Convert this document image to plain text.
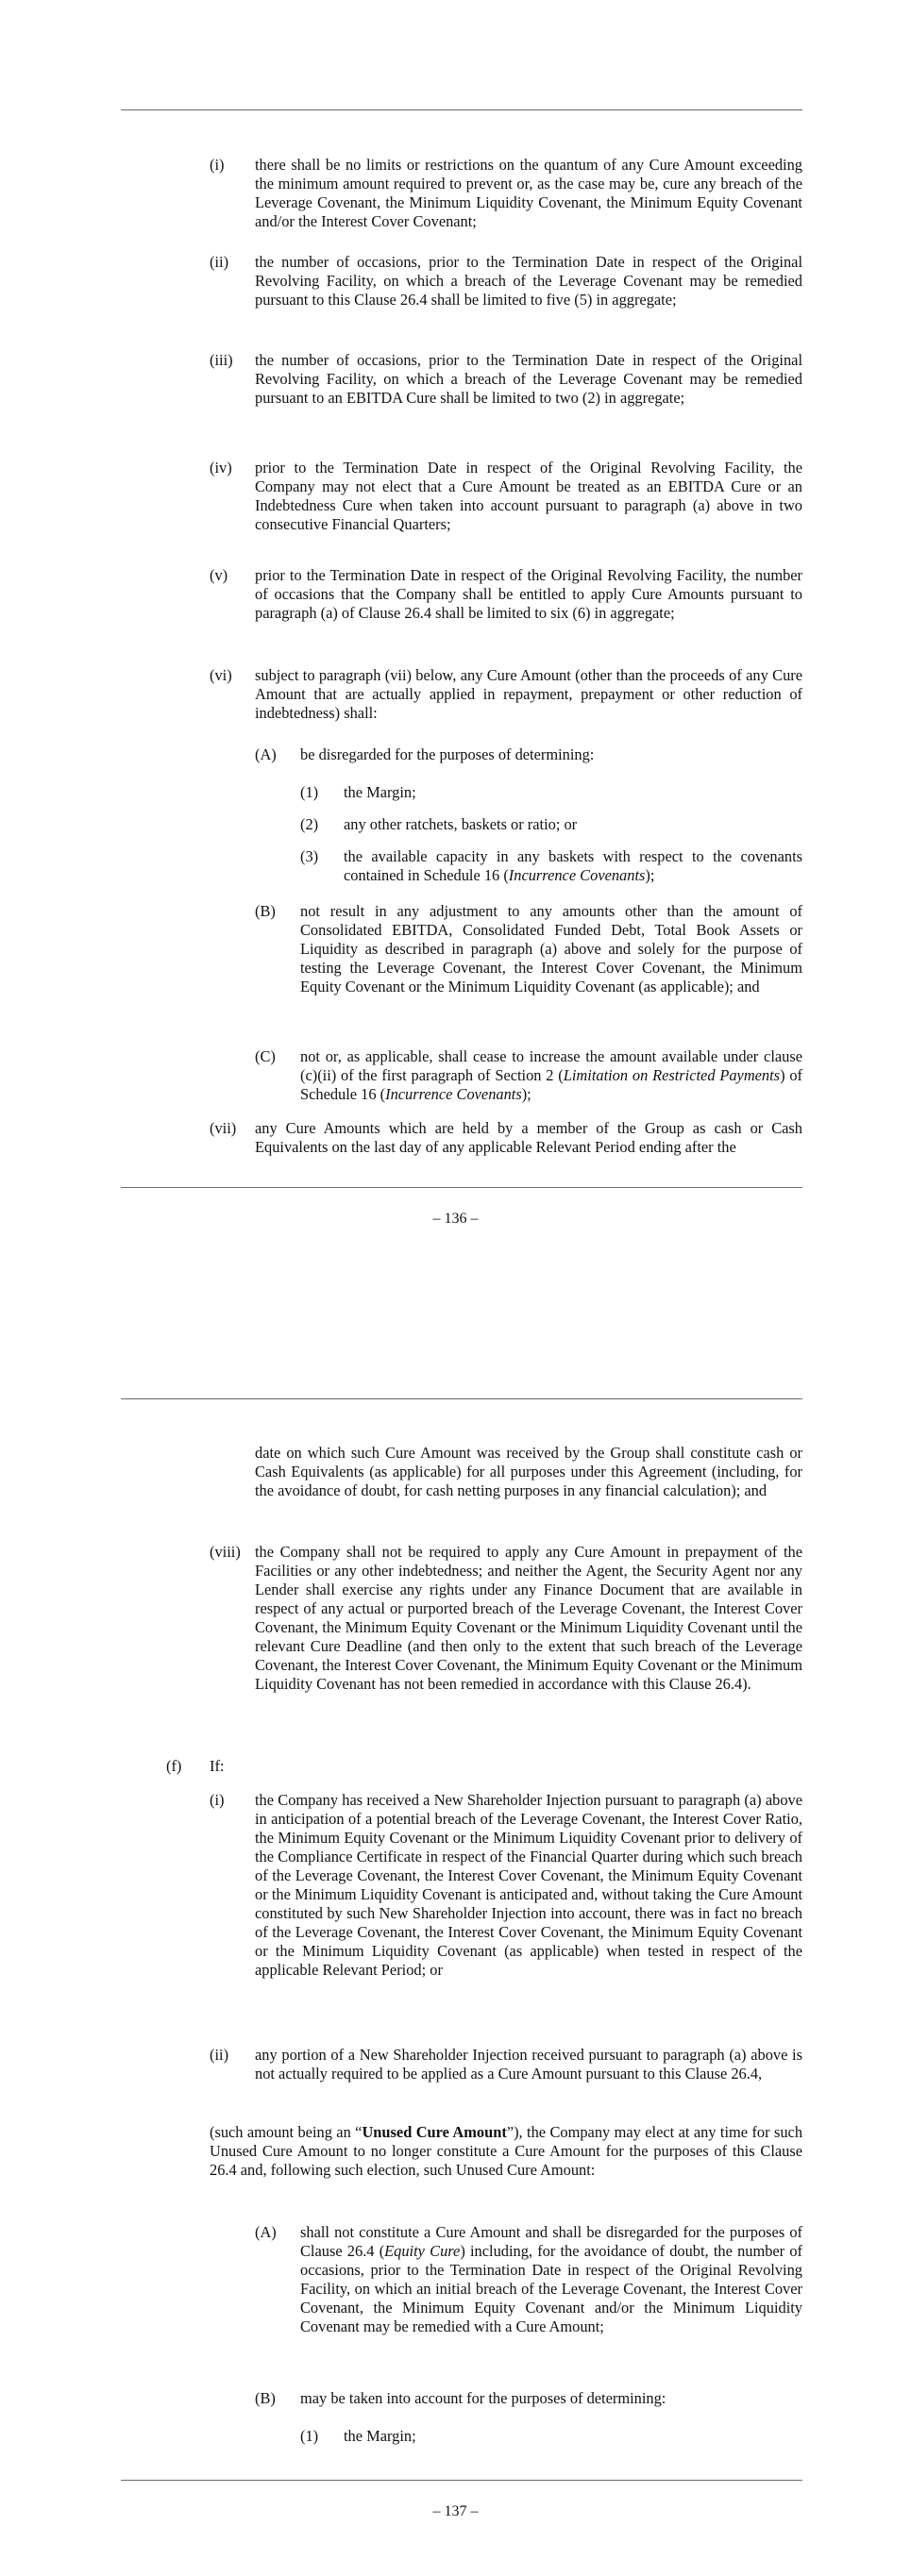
(i) there shall be no limits or restrictions on the quantum of any Cure Amount exceeding the minimum amount required to prevent or, as the case may be, cure any breach of the Leverage Covenant, the Minimum Liquidity Covenant, the Minimum Equity Covenant and/or the Interest Cover Covenant;
(ii) the number of occasions, prior to the Termination Date in respect of the Original Revolving Facility, on which a breach of the Leverage Covenant may be remedied pursuant to this Clause 26.4 shall be limited to five (5) in aggregate;
(iii) the number of occasions, prior to the Termination Date in respect of the Original Revolving Facility, on which a breach of the Leverage Covenant may be remedied pursuant to an EBITDA Cure shall be limited to two (2) in aggregate;
(iv) prior to the Termination Date in respect of the Original Revolving Facility, the Company may not elect that a Cure Amount be treated as an EBITDA Cure or an Indebtedness Cure when taken into account pursuant to paragraph (a) above in two consecutive Financial Quarters;
(v) prior to the Termination Date in respect of the Original Revolving Facility, the number of occasions that the Company shall be entitled to apply Cure Amounts pursuant to paragraph (a) of Clause 26.4 shall be limited to six (6) in aggregate;
(vi) subject to paragraph (vii) below, any Cure Amount (other than the proceeds of any Cure Amount that are actually applied in repayment, prepayment or other reduction of indebtedness) shall:
(A) be disregarded for the purposes of determining:
(1) the Margin;
(2) any other ratchets, baskets or ratio; or
(3) the available capacity in any baskets with respect to the covenants contained in Schedule 16 (Incurrence Covenants);
(B) not result in any adjustment to any amounts other than the amount of Consolidated EBITDA, Consolidated Funded Debt, Total Book Assets or Liquidity as described in paragraph (a) above and solely for the purpose of testing the Leverage Covenant, the Interest Cover Covenant, the Minimum Equity Covenant or the Minimum Liquidity Covenant (as applicable); and
(C) not or, as applicable, shall cease to increase the amount available under clause (c)(ii) of the first paragraph of Section 2 (Limitation on Restricted Payments) of Schedule 16 (Incurrence Covenants);
(vii) any Cure Amounts which are held by a member of the Group as cash or Cash Equivalents on the last day of any applicable Relevant Period ending after the
– 136 –
date on which such Cure Amount was received by the Group shall constitute cash or Cash Equivalents (as applicable) for all purposes under this Agreement (including, for the avoidance of doubt, for cash netting purposes in any financial calculation); and
(viii) the Company shall not be required to apply any Cure Amount in prepayment of the Facilities or any other indebtedness; and neither the Agent, the Security Agent nor any Lender shall exercise any rights under any Finance Document that are available in respect of any actual or purported breach of the Leverage Covenant, the Interest Cover Covenant, the Minimum Equity Covenant or the Minimum Liquidity Covenant until the relevant Cure Deadline (and then only to the extent that such breach of the Leverage Covenant, the Interest Cover Covenant, the Minimum Equity Covenant or the Minimum Liquidity Covenant has not been remedied in accordance with this Clause 26.4).
(f) If:
(i) the Company has received a New Shareholder Injection pursuant to paragraph (a) above in anticipation of a potential breach of the Leverage Covenant, the Interest Cover Ratio, the Minimum Equity Covenant or the Minimum Liquidity Covenant prior to delivery of the Compliance Certificate in respect of the Financial Quarter during which such breach of the Leverage Covenant, the Interest Cover Covenant, the Minimum Equity Covenant or the Minimum Liquidity Covenant is anticipated and, without taking the Cure Amount constituted by such New Shareholder Injection into account, there was in fact no breach of the Leverage Covenant, the Interest Cover Covenant, the Minimum Equity Covenant or the Minimum Liquidity Covenant (as applicable) when tested in respect of the applicable Relevant Period; or
(ii) any portion of a New Shareholder Injection received pursuant to paragraph (a) above is not actually required to be applied as a Cure Amount pursuant to this Clause 26.4,
(such amount being an “Unused Cure Amount”), the Company may elect at any time for such Unused Cure Amount to no longer constitute a Cure Amount for the purposes of this Clause 26.4 and, following such election, such Unused Cure Amount:
(A) shall not constitute a Cure Amount and shall be disregarded for the purposes of Clause 26.4 (Equity Cure) including, for the avoidance of doubt, the number of occasions, prior to the Termination Date in respect of the Original Revolving Facility, on which an initial breach of the Leverage Covenant, the Interest Cover Covenant, the Minimum Equity Covenant and/or the Minimum Liquidity Covenant may be remedied with a Cure Amount;
(B) may be taken into account for the purposes of determining:
(1) the Margin;
– 137 –
